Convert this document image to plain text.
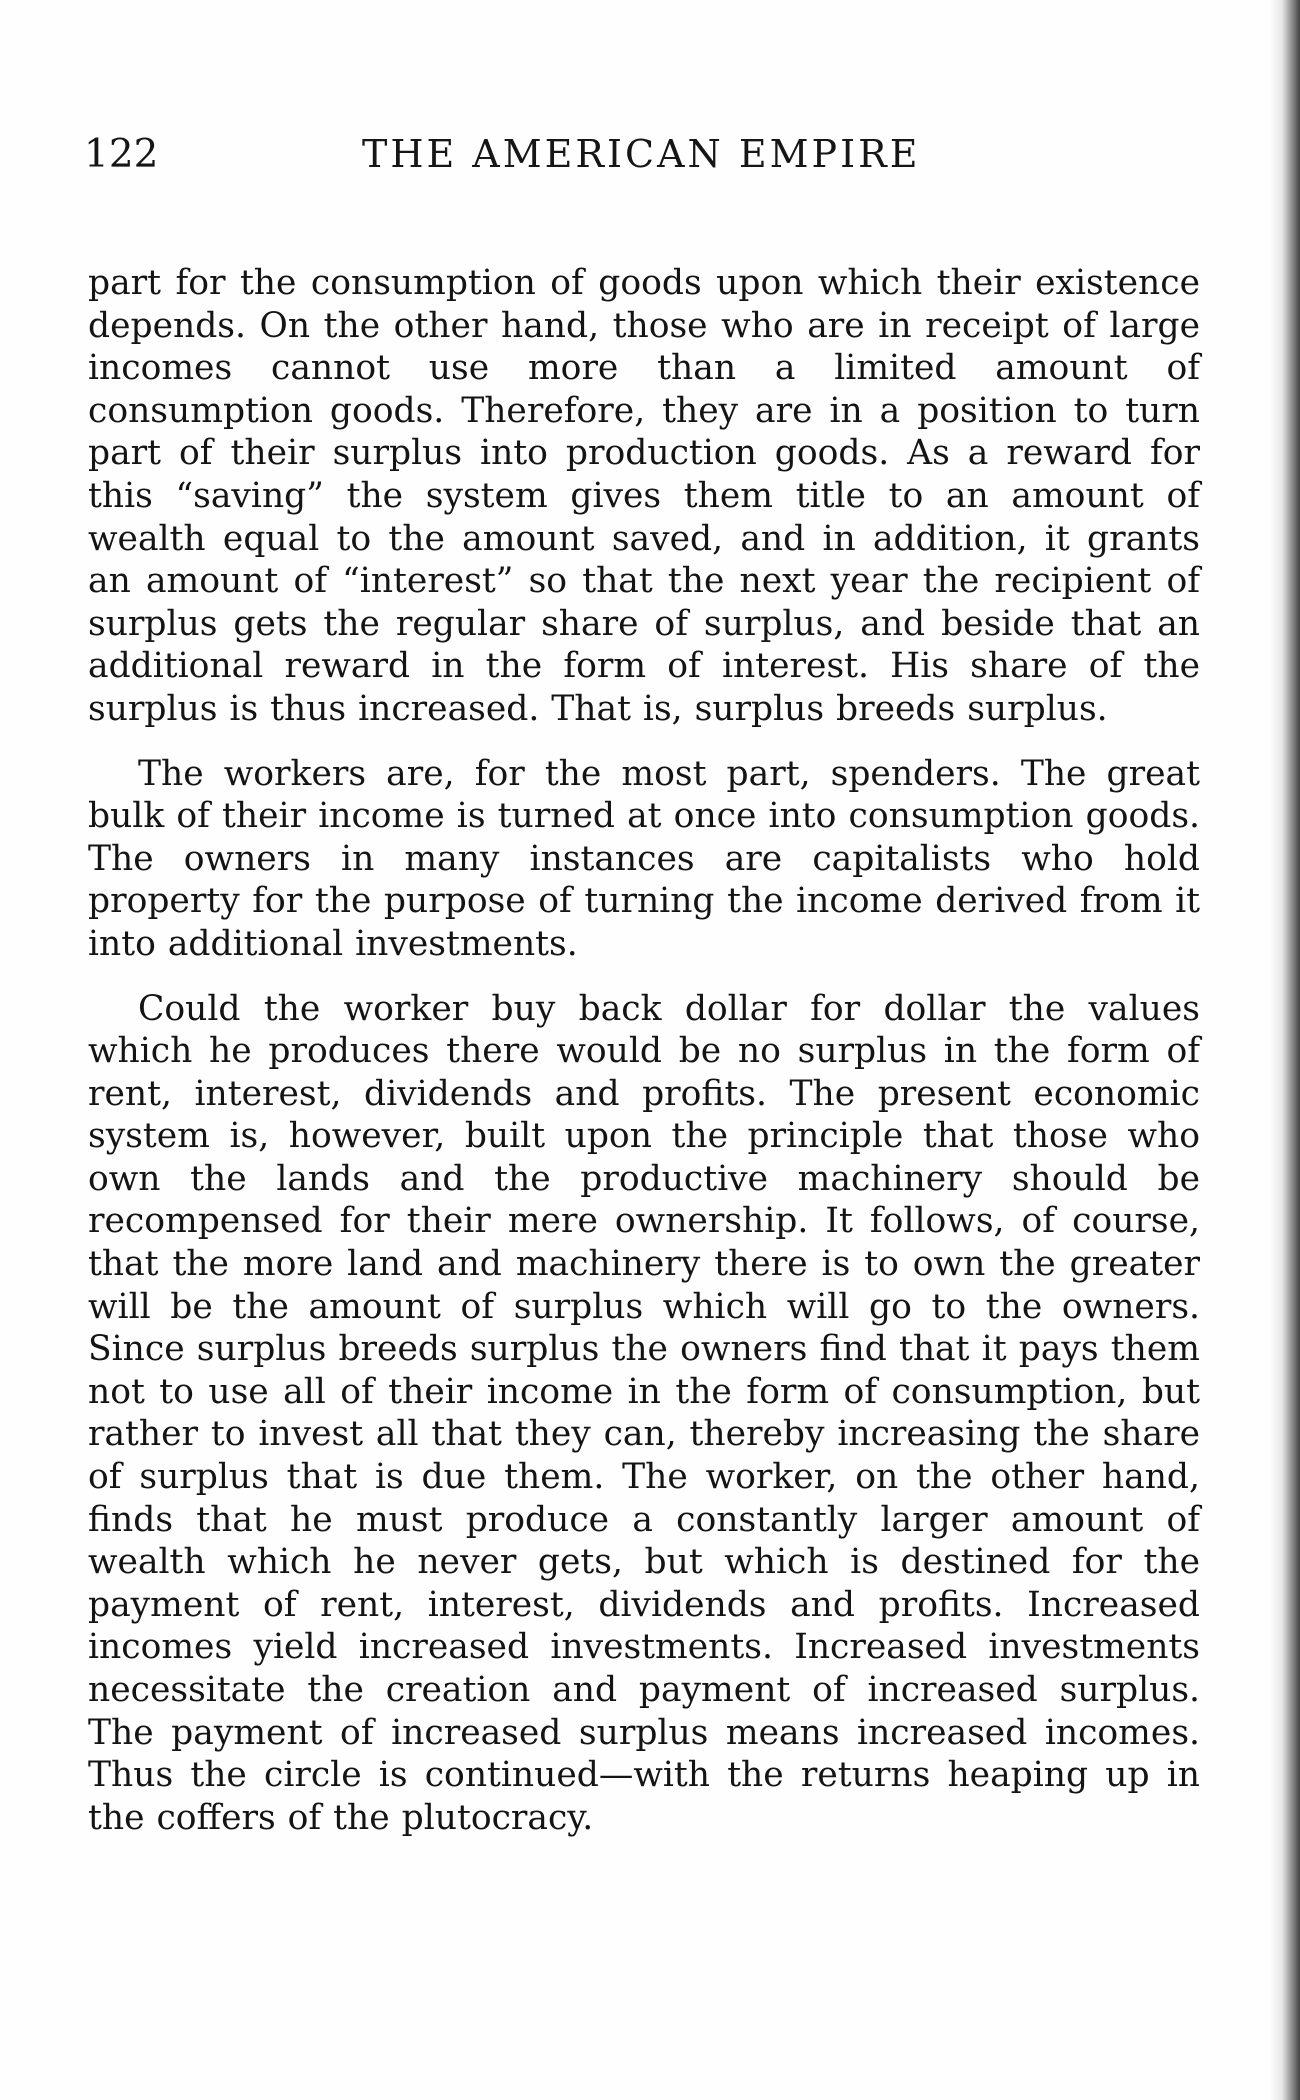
122	THE AMERICAN EMPIRE

part for the consumption of goods upon which their existence depends. On the other hand, those who are in receipt of large incomes cannot use more than a limited amount of consumption goods. Therefore, they are in a position to turn part of their surplus into production goods. As a reward for this “saving” the system gives them title to an amount of wealth equal to the amount saved, and in addition, it grants an amount of “interest” so that the next year the recipient of surplus gets the regular share of surplus, and beside that an additional reward in the form of interest. His share of the surplus is thus increased. That is, surplus breeds surplus.

The workers are, for the most part, spenders. The great bulk of their income is turned at once into consumption goods. The owners in many instances are capitalists who hold property for the purpose of turning the income derived from it into additional investments.

Could the worker buy back dollar for dollar the values which he produces there would be no surplus in the form of rent, interest, dividends and profits. The present economic system is, however, built upon the principle that those who own the lands and the productive machinery should be recompensed for their mere ownership. It follows, of course, that the more land and machinery there is to own the greater will be the amount of surplus which will go to the owners. Since surplus breeds surplus the owners find that it pays them not to use all of their income in the form of consumption, but rather to invest all that they can, thereby increasing the share of surplus that is due them. The worker, on the other hand, finds that he must produce a constantly larger amount of wealth which he never gets, but which is destined for the payment of rent, interest, dividends and profits. Increased incomes yield increased investments. Increased investments necessitate the creation and payment of increased surplus. The payment of increased surplus means increased incomes. Thus the circle is continued—with the returns heaping up in the coffers of the plutocracy.
